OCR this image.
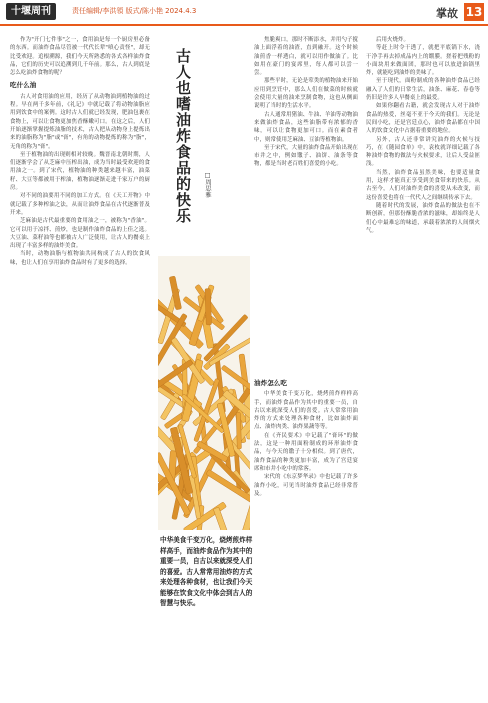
十堰周刊	责任编辑/李洪領 版式/陈小艳 2024.4.3	掌故 13

作为"开门七件事"之一，食用油是每一个厨房里必备的东西。而油炸食品尽管被一代代长辈"嗔心责怪"，却无比受欢迎。追根溯源，我们今天所熟悉的各式各样油炸食品，它们的历史可以追溯到几千年前。那么，古人到底是怎么吃油炸食物的呢？

吃什么油

古人对食用油的应用，经历了从动物油到植物油的过程。早在两千多年前，《礼记》中就记载了将动物油脂应用到饮食中的案例。这时古人们就已经发现，肥油包裹在食物上，可以让食物更加焦香酥嫩可口。在这之后，人们开始逐渐掌握提炼油脂的技术，古人把从动物身上提炼出来的油脂称为"脂"或"膏"，有角的动物提炼的称为"脂"，无角的称为"膏"。

至于植物油的出现则相对较晚。魏晋南北朝时期，人们逐渐学会了从芝麻中压榨出油，成为当时最受欢迎的食用油之一。到了宋代，植物油的种类越来越丰富，油菜籽、大豆等都被用于榨油，植物油逐渐走进千家万户的厨房。

对不同的油要用不同的加工方式。在《天工开物》中就记载了多种榨油之法，从而让油炸食品在古代逐渐普及开来。

芝麻油是古代最重要的食用油之一，被称为"香油"。它可以用于凉拌、煎炒，也是制作油炸食品的上佳之选。大豆油、菜籽油等也都被古人广泛使用，让古人的餐桌上出现了丰富多样的油炸美食。

当时，动物油脂与植物油共同构成了古人的饮食风味，也让人们在享用油炸食品时有了更多的选择。

古人也嗜油炸食品的快乐 □周思雅
中华美食千变万化，烧烤煎炸样样高手，而油炸食品作为其中的重要一员，自古以来就深受人们的喜爱。古人常常用油炸的方式来处理各种食材，也让我们今天能够在饮食文化中体会到古人的智慧与快乐。

焦脆爽口，那时不断添水，并用勺子搅油上面浮着的油渣，直到融开。这个时候油煎香一样透白，就可以用作做油了。比如用在豪门的宴席里，每人都可以尝一尝。

那些平时，无论是荤类的植物油来开始应用到烹饪中，那么人们在做菜的时候就会使用大量的油来烹制食物，这也从侧面说明了当时的生活水平。

古人通常用猪油、牛油、羊油等动物油来做油炸食品，这些油脂带有浓郁的香味，可以让食物更加可口。而在素食者中，则常使用芝麻油、豆油等植物油。

至于宋代，大量的油炸食品开始出现在市井之中，例如馓子、油饼、油条等食物，都是当时老百姓们喜爱的小吃。

油炸怎么吃

中华美食千变万化，烧烤煎炸样样高手，而油炸食品作为其中的重要一员，自古以来就深受人们的喜爱。古人常常用油炸的方式来处理各种食材，比如油炸面点、油炸肉类、油炸果蔬等等。

在《齐民要术》中记载了"膏环"的做法，这是一种用面粉制成的环形油炸食品，与今天的馓子十分相似。到了唐代，油炸食品的种类更加丰富，成为了宫廷宴席和市井小吃中的常客。

宋代的《东京梦华录》中也记载了许多油炸小吃，可见当时油炸食品已经非常普及。

后用火烧炸。

等赶上时令干透了，就把平底锅下水，浇干净手再去掉成品内上的绷膜。搓着把残粉的小面块用来做面团，那时也可以放进油锅里炸，就能吃到油炸的美味了。

至于现代，面粉制成的各种油炸食品已经融入了人们的日常生活，油条、麻花、春卷等仍旧是许多人早餐桌上的最爱。

如果你翻看古籍，就会发现古人对于油炸食品的热爱，丝毫不亚于今天的我们。无论是民间小吃，还是宫廷点心，油炸食品都在中国人的饮食文化中占据着重要的地位。

另外，古人还非常讲究油炸的火候与技巧，在《随园食单》中，袁枚就详细记载了各种油炸食物的做法与火候要求，让后人受益匪浅。

当然，油炸食品虽然美味，也要适量食用，这样才能真正享受到美食带来的快乐。从古至今，人们对油炸美食的喜爱从未改变，而这份喜爱也将在一代代人之间继续传承下去。

随着时代的发展，油炸食品的做法也在不断创新，但那份酥脆香浓的滋味，却始终是人们心中最难忘的味道，承载着浓浓的人间烟火气。
